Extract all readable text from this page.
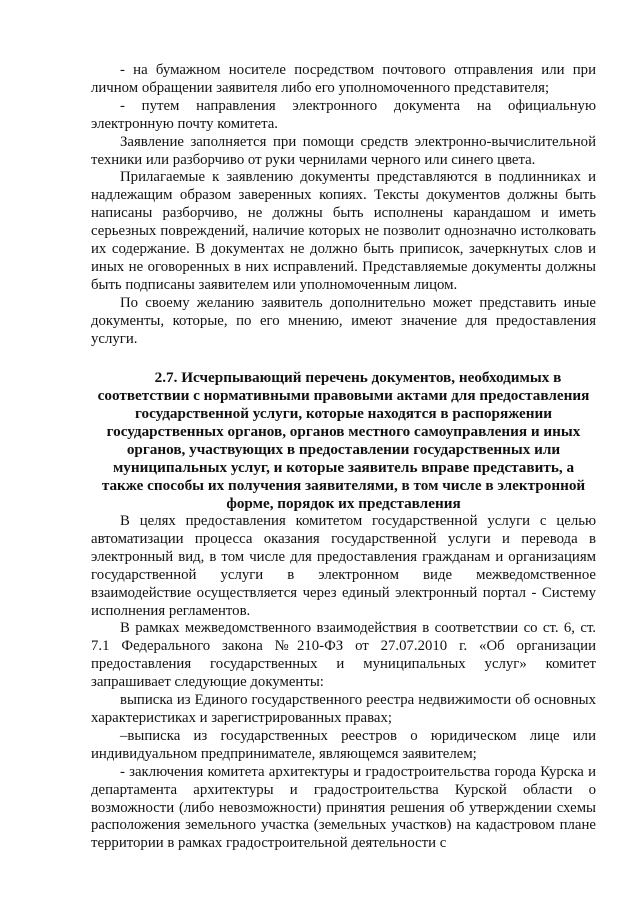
- на бумажном носителе посредством почтового отправления или при личном обращении заявителя либо его уполномоченного представителя;

- путем направления электронного документа на официальную электронную почту комитета.

Заявление заполняется при помощи средств электронно-вычислительной техники или разборчиво от руки чернилами черного или синего цвета.

Прилагаемые к заявлению документы представляются в подлинниках и надлежащим образом заверенных копиях. Тексты документов должны быть написаны разборчиво, не должны быть исполнены карандашом и иметь серьезных повреждений, наличие которых не позволит однозначно истолковать их содержание. В документах не должно быть приписок, зачеркнутых слов и иных не оговоренных в них исправлений. Представляемые документы должны быть подписаны заявителем или уполномоченным лицом.

По своему желанию заявитель дополнительно может представить иные документы, которые, по его мнению, имеют значение для предоставления услуги.

2.7. Исчерпывающий перечень документов, необходимых в соответствии с нормативными правовыми актами для предоставления государственной услуги, которые находятся в распоряжении государственных органов, органов местного самоуправления и иных органов, участвующих в предоставлении государственных или муниципальных услуг, и которые заявитель вправе представить, а также способы их получения заявителями, в том числе в электронной форме, порядок их представления

В целях предоставления комитетом государственной услуги с целью автоматизации процесса оказания государственной услуги и перевода в электронный вид, в том числе для предоставления гражданам и организациям государственной услуги в электронном виде межведомственное взаимодействие осуществляется через единый электронный портал - Систему исполнения регламентов.

В рамках межведомственного взаимодействия в соответствии со ст. 6, ст. 7.1 Федерального закона №210-ФЗ от 27.07.2010 г. «Об организации предоставления государственных и муниципальных услуг» комитет запрашивает следующие документы:

выписка из Единого государственного реестра недвижимости об основных характеристиках и зарегистрированных правах;

–выписка из государственных реестров о юридическом лице или индивидуальном предпринимателе, являющемся заявителем;

- заключения комитета архитектуры и градостроительства города Курска и департамента архитектуры и градостроительства Курской области о возможности (либо невозможности) принятия решения об утверждении схемы расположения земельного участка (земельных участков) на кадастровом плане территории в рамках градостроительной деятельности с
